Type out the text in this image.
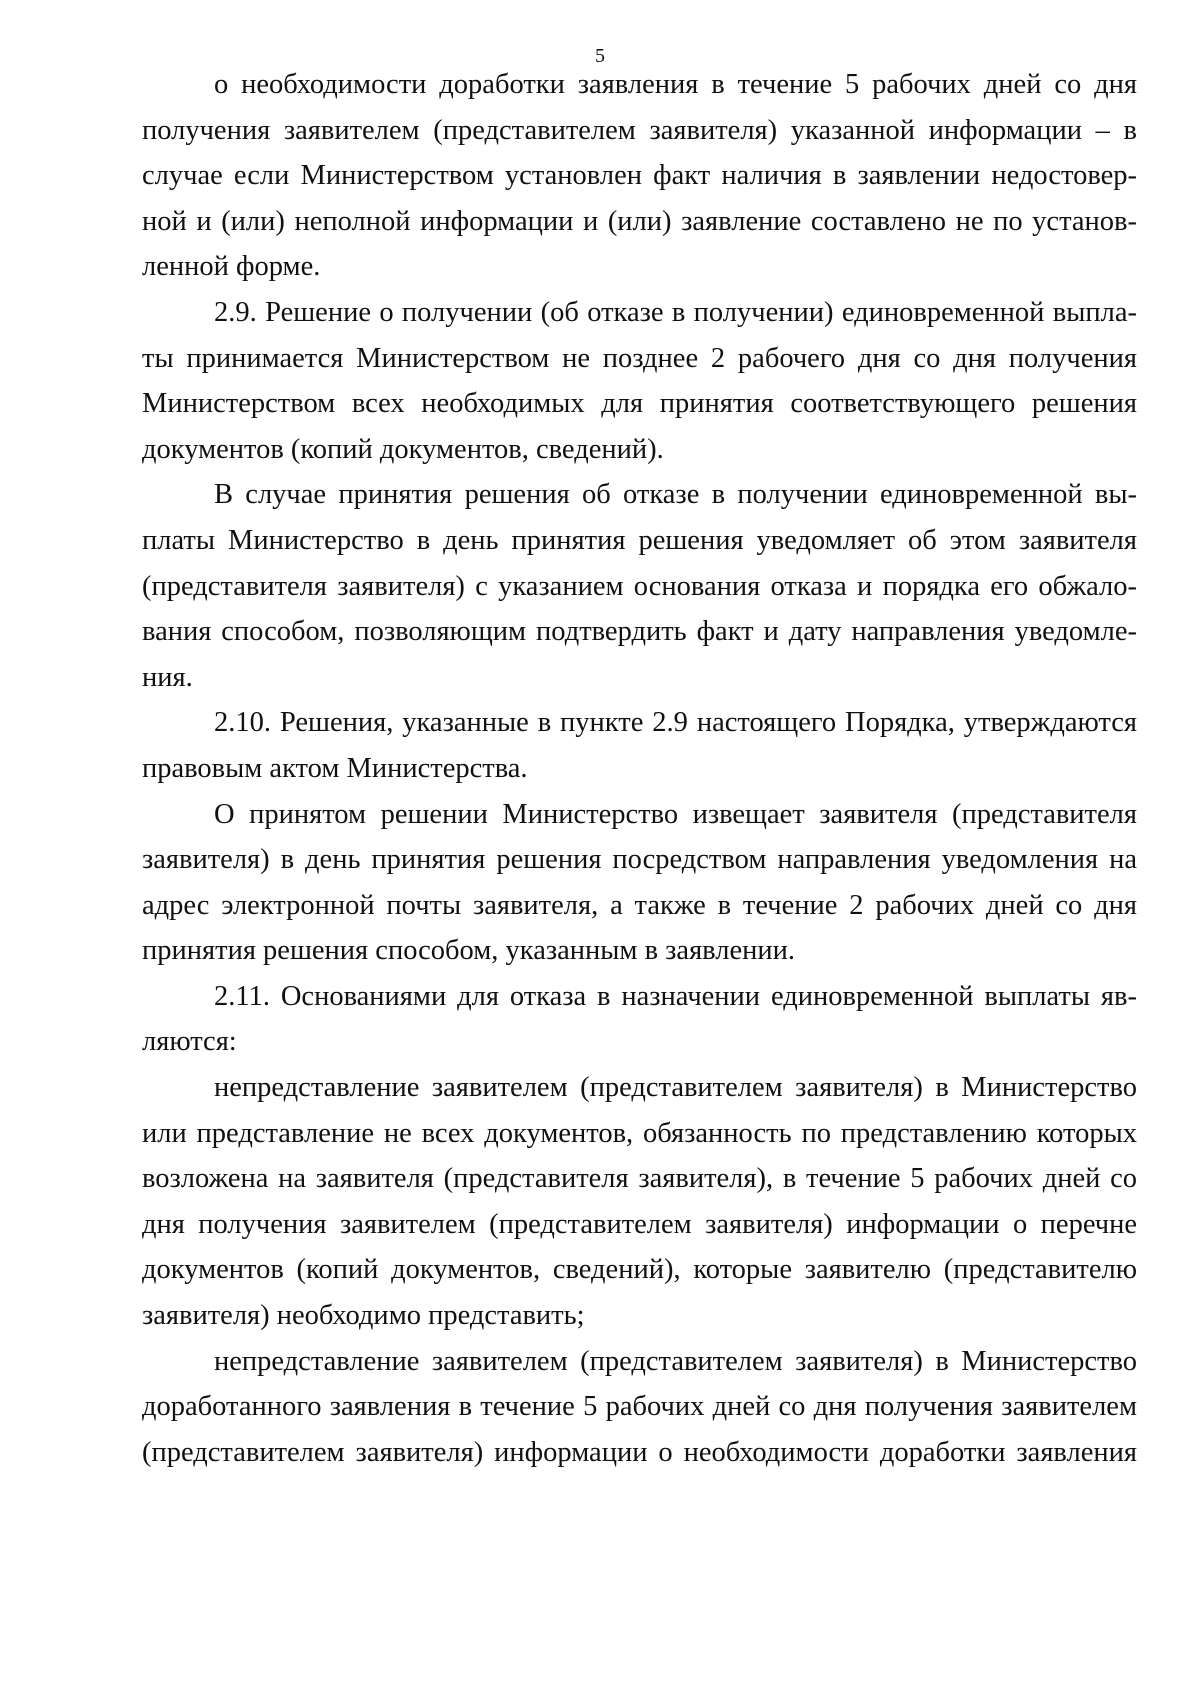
5
о необходимости доработки заявления в течение 5 рабочих дней со дня
получения заявителем (представителем заявителя) указанной информации – в
случае если Министерством установлен факт наличия в заявлении недостовер-
ной и (или) неполной информации и (или) заявление составлено не по установ-
ленной форме.
2.9. Решение о получении (об отказе в получении) единовременной выпла-
ты принимается Министерством не позднее 2 рабочего дня со дня получения
Министерством всех необходимых для принятия соответствующего решения
документов (копий документов, сведений).
В случае принятия решения об отказе в получении единовременной вы-
платы Министерство в день принятия решения уведомляет об этом заявителя
(представителя заявителя) с указанием основания отказа и порядка его обжало-
вания способом, позволяющим подтвердить факт и дату направления уведомле-
ния.
2.10. Решения, указанные в пункте 2.9 настоящего Порядка, утверждаются
правовым актом Министерства.
О принятом решении Министерство извещает заявителя (представителя
заявителя) в день принятия решения посредством направления уведомления на
адрес электронной почты заявителя, а также в течение 2 рабочих дней со дня
принятия решения способом, указанным в заявлении.
2.11. Основаниями для отказа в назначении единовременной выплаты яв-
ляются:
непредставление заявителем (представителем заявителя) в Министерство
или представление не всех документов, обязанность по представлению которых
возложена на заявителя (представителя заявителя), в течение 5 рабочих дней со
дня получения заявителем (представителем заявителя) информации о перечне
документов (копий документов, сведений), которые заявителю (представителю
заявителя) необходимо представить;
непредставление заявителем (представителем заявителя) в Министерство
доработанного заявления в течение 5 рабочих дней со дня получения заявителем
(представителем заявителя) информации о необходимости доработки заявления
